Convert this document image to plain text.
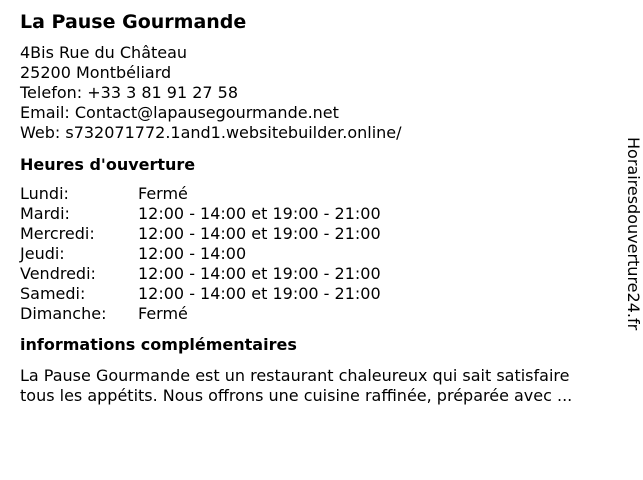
La Pause Gourmande
4Bis Rue du Château
25200 Montbéliard
Telefon: +33 3 81 91 27 58
Email: Contact@lapausegourmande.net
Web: s732071772.1and1.websitebuilder.online/
Heures d'ouverture
Lundi:	Fermé
Mardi:	12:00 - 14:00 et 19:00 - 21:00
Mercredi:	12:00 - 14:00 et 19:00 - 21:00
Jeudi:	12:00 - 14:00
Vendredi:	12:00 - 14:00 et 19:00 - 21:00
Samedi:	12:00 - 14:00 et 19:00 - 21:00
Dimanche:	Fermé
informations complémentaires
La Pause Gourmande est un restaurant chaleureux qui sait satisfaire
tous les appétits. Nous offrons une cuisine raffinée, préparée avec ...
Horairesdouverture24.fr
